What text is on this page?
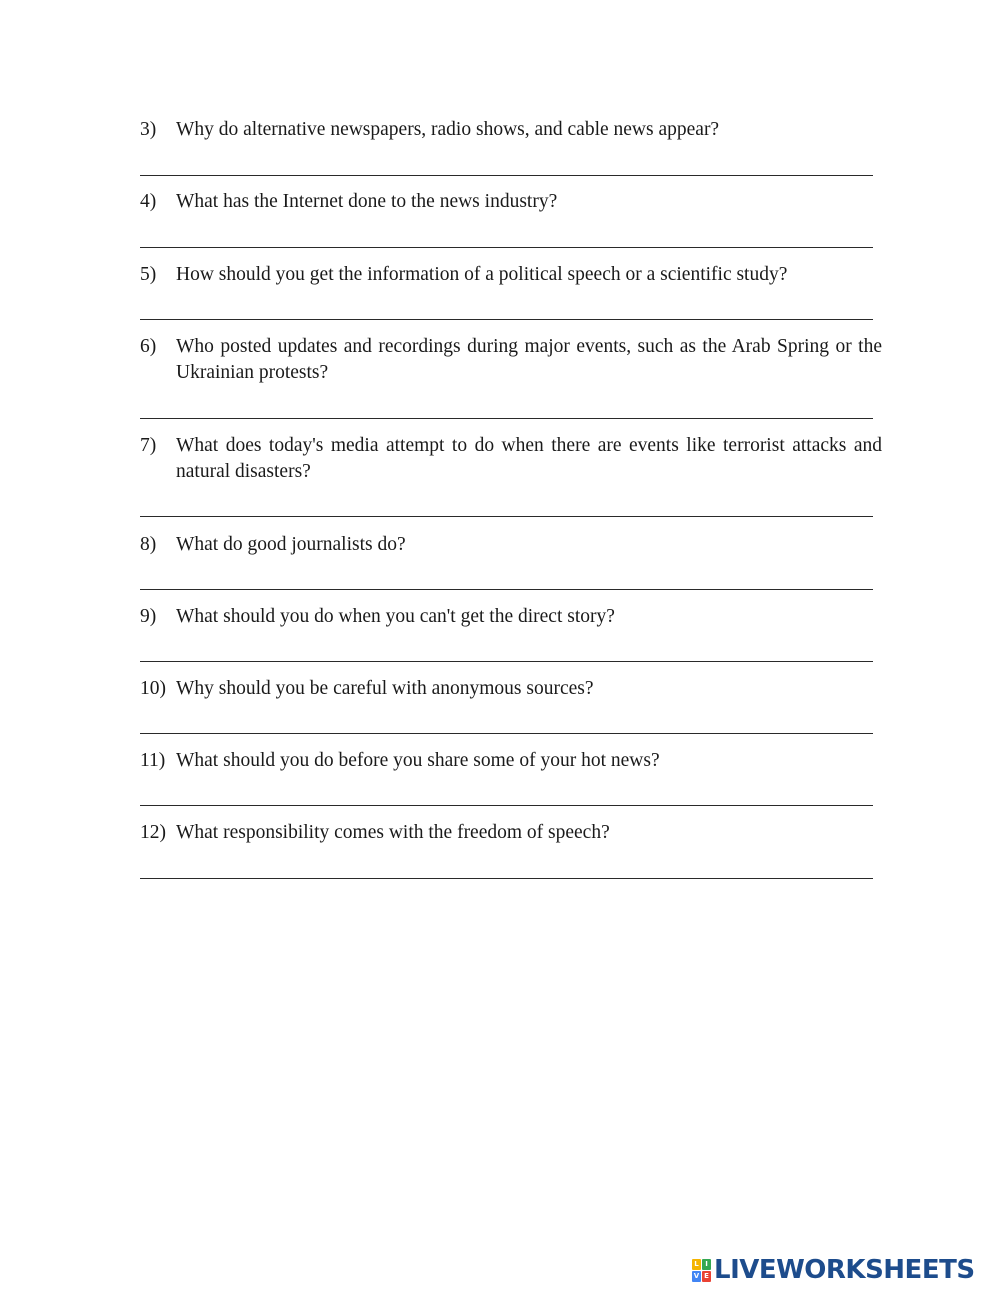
3)	Why do alternative newspapers, radio shows, and cable news appear?
4)	What has the Internet done to the news industry?
5)	How should you get the information of a political speech or a scientific study?
6)	Who posted updates and recordings during major events, such as the Arab Spring or the Ukrainian protests?
7)	What does today's media attempt to do when there are events like terrorist attacks and natural disasters?
8)	What do good journalists do?
9)	What should you do when you can't get the direct story?
10) Why should you be careful with anonymous sources?
11) What should you do before you share some of your hot news?
12) What responsibility comes with the freedom of speech?
L I
V E LIVEWORKSHEETS
